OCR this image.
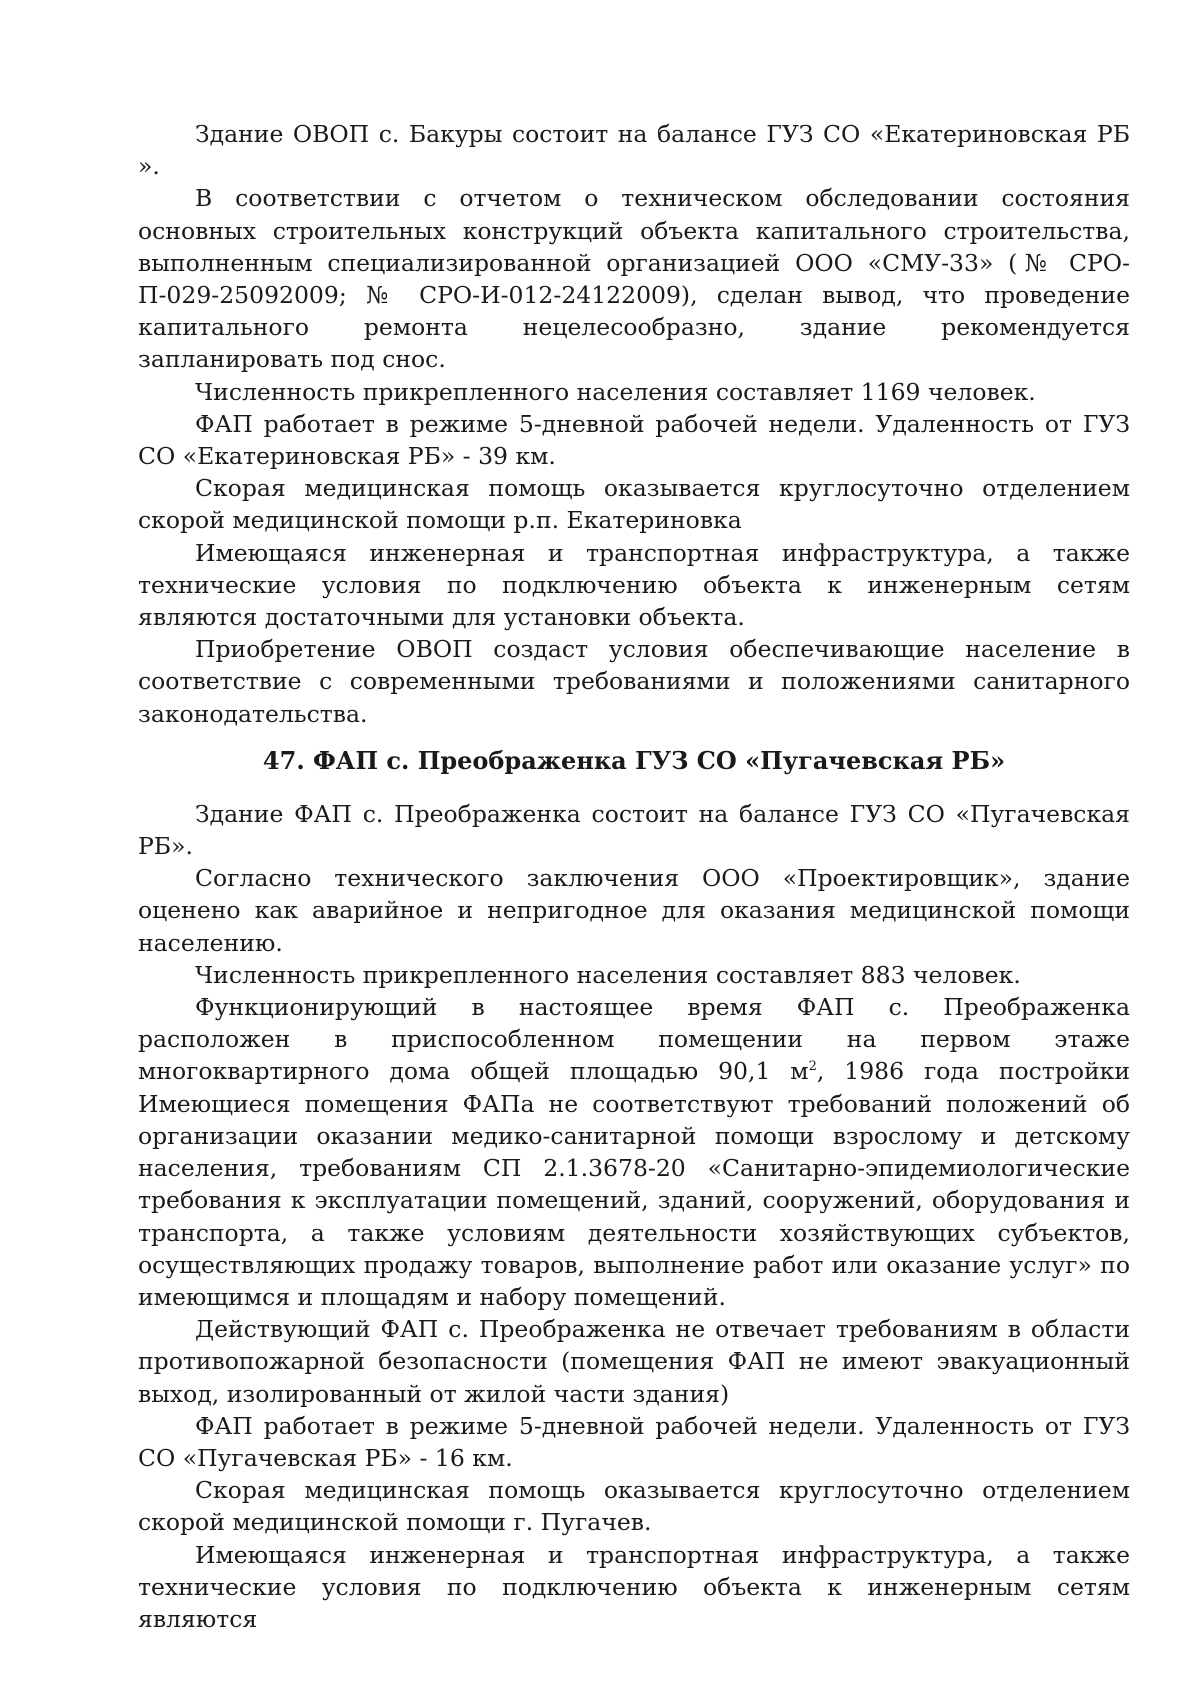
Здание ОВОП с. Бакуры состоит на балансе ГУЗ СО «Екатериновская РБ ».

В соответствии с отчетом о техническом обследовании состояния основных строительных конструкций объекта капитального строительства, выполненным специализированной организацией ООО «СМУ-33» (№ СРО-П-029-25092009; № СРО-И-012-24122009), сделан вывод, что проведение капитального ремонта нецелесообразно, здание рекомендуется запланировать под снос.

Численность прикрепленного населения составляет 1169 человек.

ФАП работает в режиме 5-дневной рабочей недели. Удаленность от ГУЗ СО «Екатериновская РБ» - 39 км.

Скорая медицинская помощь оказывается круглосуточно отделением скорой медицинской помощи р.п. Екатериновка

Имеющаяся инженерная и транспортная инфраструктура, а также технические условия по подключению объекта к инженерным сетям являются достаточными для установки объекта.

Приобретение ОВОП создаст условия обеспечивающие население в соответствие с современными требованиями и положениями санитарного законодательства.

47. ФАП с. Преображенка ГУЗ СО «Пугачевская РБ»

Здание ФАП с. Преображенка состоит на балансе ГУЗ СО «Пугачевская РБ».

Согласно технического заключения ООО «Проектировщик», здание оценено как аварийное и непригодное для оказания медицинской помощи населению.

Численность прикрепленного населения составляет 883 человек.

Функционирующий в настоящее время ФАП с. Преображенка расположен в приспособленном помещении на первом этаже многоквартирного дома общей площадью 90,1 $м^2$, 1986 года постройки Имеющиеся помещения ФАПа не соответствуют требований положений об организации оказании медико-санитарной помощи взрослому и детскому населения, требованиям СП 2.1.3678-20 «Санитарно-эпидемиологические требования к эксплуатации помещений, зданий, сооружений, оборудования и транспорта, а также условиям деятельности хозяйствующих субъектов, осуществляющих продажу товаров, выполнение работ или оказание услуг» по имеющимся и площадям и набору помещений.

Действующий ФАП с. Преображенка не отвечает требованиям в области противопожарной безопасности (помещения ФАП не имеют эвакуационный выход, изолированный от жилой части здания)

ФАП работает в режиме 5-дневной рабочей недели. Удаленность от ГУЗ СО «Пугачевская РБ» - 16 км.

Скорая медицинская помощь оказывается круглосуточно отделением скорой медицинской помощи г. Пугачев.

Имеющаяся инженерная и транспортная инфраструктура, а также технические условия по подключению объекта к инженерным сетям являются
